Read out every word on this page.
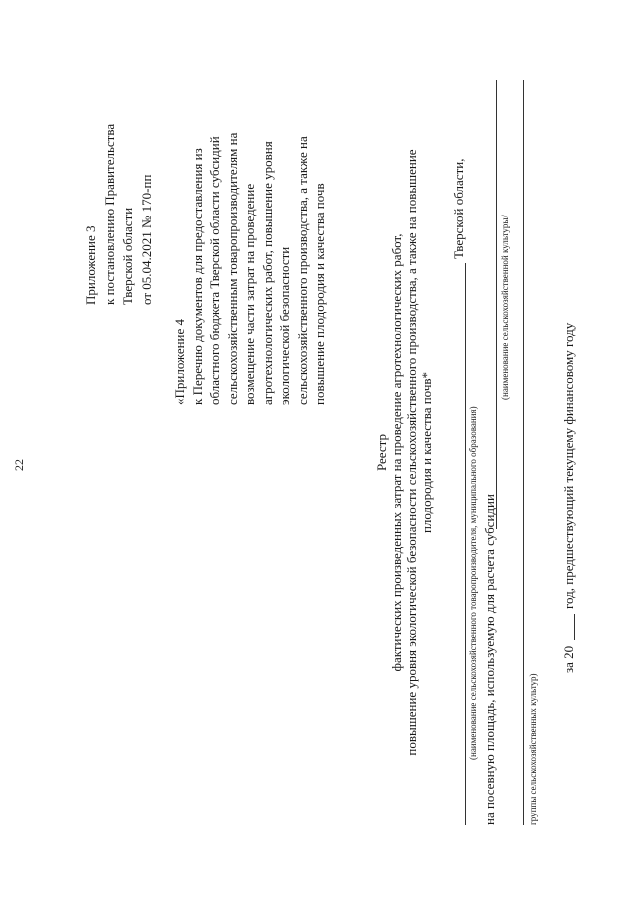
22
Приложение 3 к постановлению Правительства Тверской области от 05.04.2021 № 170-пп
«Приложение 4 к Перечню документов для предоставления из областного бюджета Тверской области субсидий сельскохозяйственным товаропроизводителям на возмещение части затрат на проведение агротехнологических работ, повышение уровня экологической безопасности сельскохозяйственного производства, а также на повышение плодородия и качества почв
Реестр фактических произведенных затрат на проведение агротехнологических работ, повышение уровня экологической безопасности сельскохозяйственного производства, а также на повышение плодородия и качества почв*
Тверской области,
(наименование сельскохозяйственного товаропроизводителя, муниципального образования) на посевную площадь, используемую для расчета субсидии
(наименование сельскохозяйственной культуры/
группы сельскохозяйственных культур)
за 20
год, предшествующий текущему финансовому году
